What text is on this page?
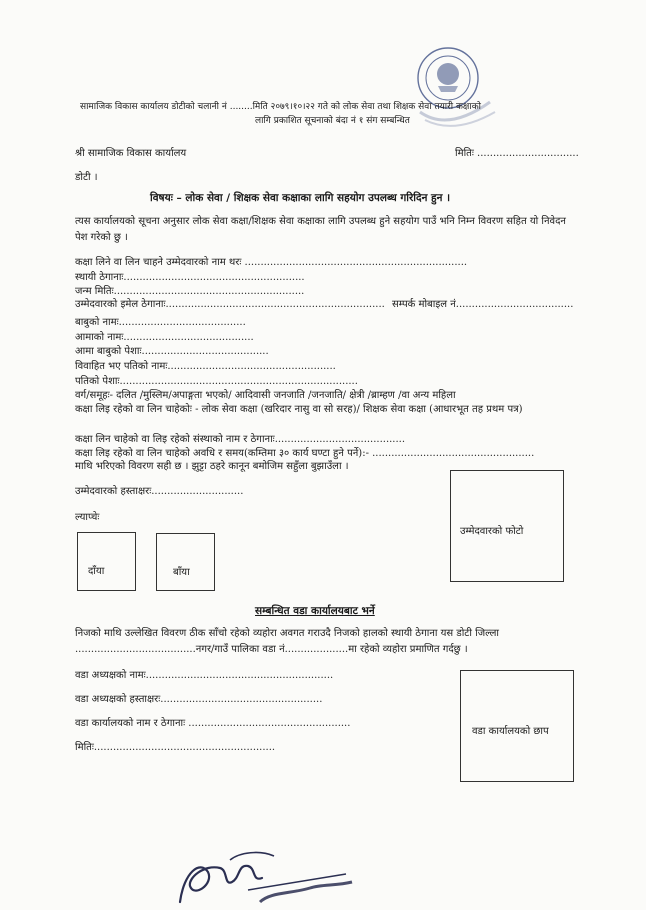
सामाजिक विकास कार्यालय डोटीको चलानी नं ........मिति २०७९।१०।२२ गते को लोक सेवा तथा शिक्षक सेवा तयारी कक्षाको
लागि प्रकाशित सूचनाको बंदा नं १ संग सम्बन्धित
श्री सामाजिक विकास कार्यालय	मितिः ................................
डोटी ।
विषयः – लोक सेवा / शिक्षक सेवा कक्षाका लागि सहयोग उपलब्ध गरिदिन हुन ।
त्यस कार्यालयको सूचना अनुसार लोक सेवा कक्षा/शिक्षक सेवा कक्षाका लागि उपलब्ध हुने सहयोग पाउँ भनि निम्न विवरण सहित यो निवेदन पेश गरेको छु ।
कक्षा लिने वा लिन चाहने उम्मेदवारको नाम थरः ......................................................................
स्थायी ठेगानाः.........................................................
जन्म मितिः............................................................
उम्मेदवारको इमेल ठेगानाः..................................................................... सम्पर्क मोबाइल नं.....................................
बाबुको नामः........................................
आमाको नामः.........................................
आमा बाबुको पेशाः........................................
विवाहित भए पतिको नामः.....................................................
पतिको पेशाः...........................................................................
वर्ग/समूहः- दलित /मुस्लिम/अपाङ्गता भएको/ आदिवासी जनजाति /जनजाति/ क्षेत्री /ब्राम्हण /वा अन्य महिला
कक्षा लिइ रहेको वा लिन चाहेकोः - लोक सेवा कक्षा (खरिदार नासु वा सो सरह)/ शिक्षक सेवा कक्षा (आधारभूत तह प्रथम पत्र)
कक्षा लिन चाहेको वा लिइ रहेको संस्थाको नाम र ठेगानाः.........................................
कक्षा लिइ रहेको वा लिन चाहेको अवधि र समय(कम्तिमा ३० कार्य घण्टा हुने पर्ने):- ...................................................
माथि भरिएको विवरण सही छ । झुट्टा ठहरे कानून बमोजिम सहुँला बुझाउँला ।
उम्मेदवारको हस्ताक्षरः.............................
ल्याप्चेः
दाँया	बाँया
उम्मेदवारको फोटो
सम्बन्धित वडा कार्यालयबाट भर्ने
निजको माथि उल्लेखित विवरण ठीक साँचो रहेको व्यहोरा अवगत गराउदै निजको हालको स्थायी ठेगाना यस डोटी जिल्ला ......................................नगर/गाउँ पालिका वडा नं....................मा रहेको व्यहोरा प्रमाणित गर्दछु ।
वडा अध्यक्षको नामः...........................................................
वडा अध्यक्षको हस्ताक्षरः...................................................
वडा कार्यालयको नाम र ठेगानाः ...................................................
मितिः.........................................................
वडा कार्यालयको छाप
